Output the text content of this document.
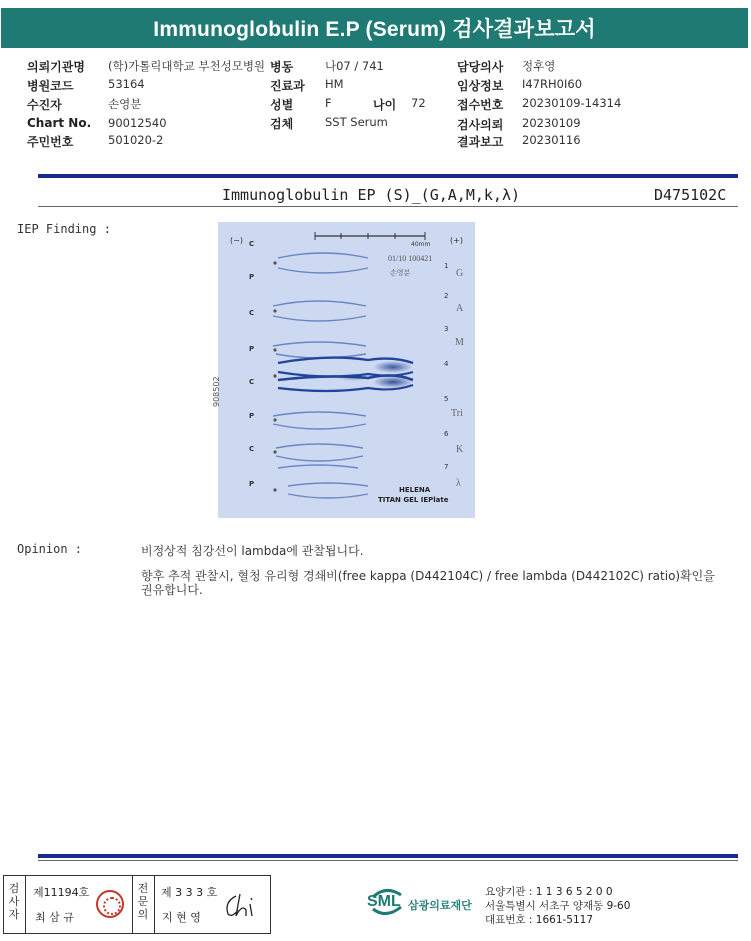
Immunoglobulin E.P (Serum) 검사결과보고서
의뢰기관명 (학)가톨릭대학교 부천성모병원
병원코드	53164
수진자	손영분
Chart No. 90012540
주민번호	501020-2
병동	나07 / 741
진료과 HM
성별	F	나이 72
검체	SST Serum
담당의사 정후영
임상정보 I47RH0I60
접수번호 20230109-14314
검사의뢰 20230109
결과보고 20230116
Immunoglobulin EP (S)_(G,A,M,k,λ)	D475102C
IEP Finding :
(−)	(+)
40mm
01/10 100421
손영분
908502
C
P
C
P
C
P
C
P
1
2
3
4
5
6
7
G
A
M
Tri
K
λ
HELENA
TITAN GEL IEPlate
Opinion :	비정상적 침강선이 lambda에 관찰됩니다.
향후 추적 관찰시, 혈청 유리형 경쇄비(free kappa (D442104C) / free lambda (D442102C) ratio)확인을 권유합니다.
검사자
제11194호
최 삼 규
전문의
제 3 3 3 호
지 현 영
SML 삼광의료재단
요양기관 : 1 1 3 6 5 2 0 0
서울특별시 서초구 양재동 9-60
대표번호 : 1661-5117
